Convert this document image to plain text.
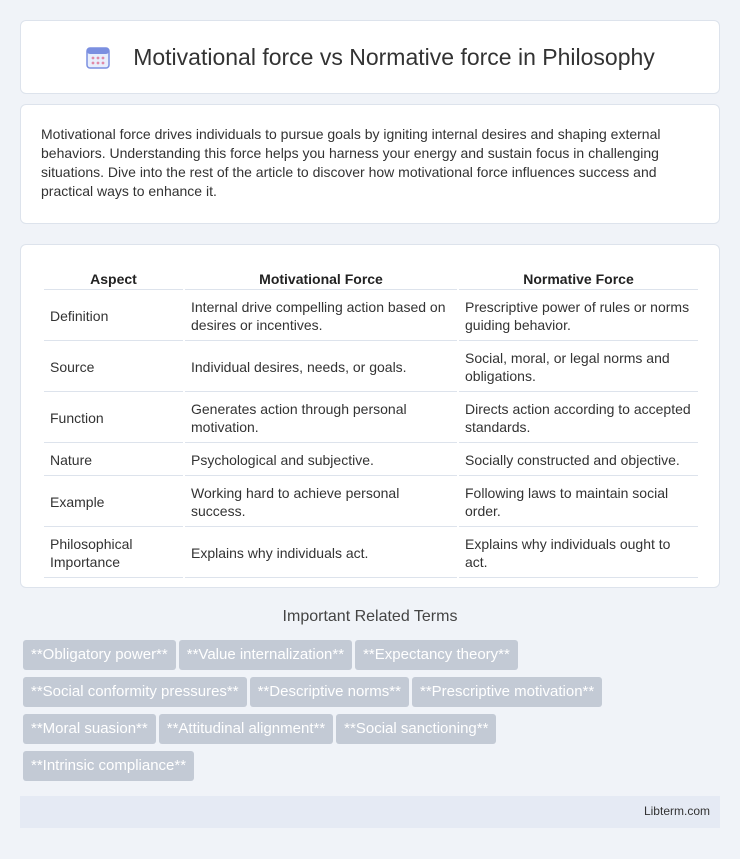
Motivational force vs Normative force in Philosophy

Motivational force drives individuals to pursue goals by igniting internal desires and shaping external behaviors. Understanding this force helps you harness your energy and sustain focus in challenging situations. Dive into the rest of the article to discover how motivational force influences success and practical ways to enhance it.

Aspect	Motivational Force	Normative Force
Definition	Internal drive compelling action based on desires or incentives.	Prescriptive power of rules or norms guiding behavior.
Source	Individual desires, needs, or goals.	Social, moral, or legal norms and obligations.
Function	Generates action through personal motivation.	Directs action according to accepted standards.
Nature	Psychological and subjective.	Socially constructed and objective.
Example	Working hard to achieve personal success.	Following laws to maintain social order.
Philosophical Importance	Explains why individuals act.	Explains why individuals ought to act.
Important Related Terms
**Obligatory power** **Value internalization** **Expectancy theory**
**Social conformity pressures** **Descriptive norms** **Prescriptive motivation**
**Moral suasion** **Attitudinal alignment** **Social sanctioning**
**Intrinsic compliance**
Libterm.com
